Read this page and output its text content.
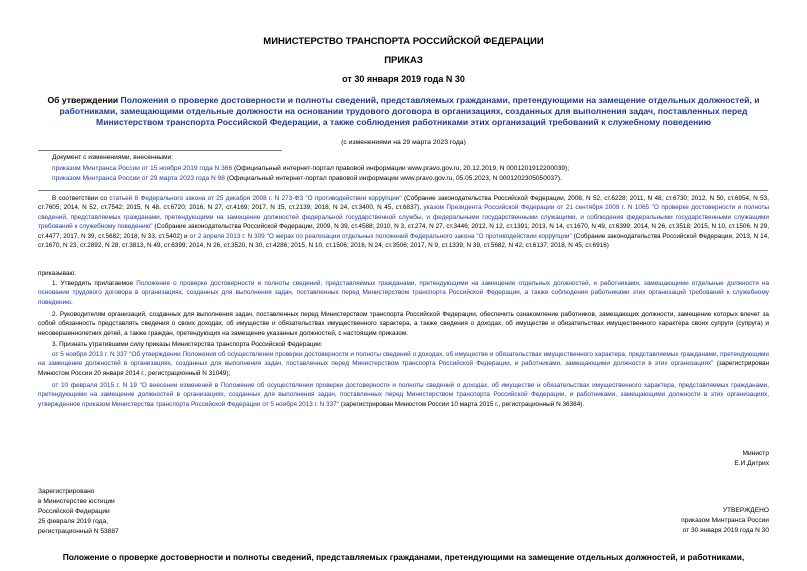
МИНИСТЕРСТВО ТРАНСПОРТА РОССИЙСКОЙ ФЕДЕРАЦИИ
ПРИКАЗ
от 30 января 2019 года N 30
Об утверждении Положения о проверке достоверности и полноты сведений, представляемых гражданами, претендующими на замещение отдельных должностей, и работниками, замещающими отдельные должности на основании трудового договора в организациях, созданных для выполнения задач, поставленных перед Министерством транспорта Российской Федерации, а также соблюдения работниками этих организаций требований к служебному поведению
(с изменениями на 29 марта 2023 года)
Документ с изменениями, внесенными:
приказом Минтранса России от 15 ноября 2019 года N 366 (Официальный интернет-портал правовой информации www.pravo.gov.ru, 20.12.2019, N 0001201912200039);
приказом Минтранса России от 29 марта 2023 года N 98 (Официальный интернет-портал правовой информации www.pravo.gov.ru, 05.05.2023, N 0001202305050037).
В соответствии со статьей 8 Федерального закона от 25 декабря 2008 г. N 273-ФЗ "О противодействии коррупции" (Собрание законодательства Российской Федерации, 2008, N 52, ст.6228; 2011, N 48, ст.6730; 2012, N 50, ст.6954, N 53, ст.7605; 2014, N 52, ст.7542; 2015, N 48, ст.6720; 2016, N 27, ст.4169; 2017, N 15, ст.2139; 2018, N 24, ст.3400, N 45, ст.6837), указом Президента Российской Федерации от 21 сентября 2009 г. N 1065 "О проверке достоверности и полноты сведений, представляемых гражданами, претендующими на замещение должностей федеральной государственной службы, и федеральными государственными служащими, и соблюдения федеральными государственными служащими требований к служебному поведению" (Собрание законодательства Российской Федерации, 2009, N 39, ст.4588; 2010, N 3, ст.274, N 27, ст.3446; 2012, N 12, ст.1391; 2013, N 14, ст.1670, N 49, ст.6399; 2014, N 26, ст.3518; 2015, N 10, ст.1506, N 29, ст.4477; 2017, N 39, ст.5682; 2018, N 33, ст.5402) и от 2 апреля 2013 г. N 309 "О мерах по реализации отдельных положений Федерального закона "О противодействии коррупции" (Собрание законодательства Российской Федерации, 2013, N 14, ст.1670, N 23, ст.2892, N 28, ст.3813, N 49, ст.6399; 2014, N 26, ст.3520, N 30, ст.4286; 2015, N 10, ст.1506; 2016, N 24, ст.3506; 2017, N 9, ст.1339, N 39, ст.5682, N 42, ст.6137; 2018, N 45, ст.6916)
приказываю:
1. Утвердить прилагаемое Положение о проверке достоверности и полноты сведений, представляемых гражданами, претендующими на замещение отдельных должностей, и работниками, замещающими отдельные должности на основании трудового договора в организациях, созданных для выполнения задач, поставленных перед Министерством транспорта Российской Федерации, а также соблюдения работниками этих организаций требований к служебному поведению.
2. Руководителям организаций, созданных для выполнения задач, поставленных перед Министерством транспорта Российской Федерации, обеспечить ознакомление работников, замещающих должности, замещение которых влечет за собой обязанность представлять сведения о своих доходах, об имуществе и обязательствах имущественного характера, а также сведения о доходах, об имуществе и обязательствах имущественного характера своих супруги (супруга) и несовершеннолетних детей, а также граждан, претендующих на замещение указанных должностей, с настоящим приказом.
3. Признать утратившими силу приказы Министерства транспорта Российской Федерации:
от 5 ноября 2013 г. N 337 "Об утверждении Положения об осуществлении проверки достоверности и полноты сведений о доходах, об имуществе и обязательствах имущественного характера, представляемых гражданами, претендующими на замещение должностей в организациях, созданных для выполнения задач, поставленных перед Министерством транспорта Российской Федерации, и работниками, замещающими должности в этих организациях" (зарегистрирован Минюстом России 20 января 2014 г., регистрационный N 31049);
от 10 февраля 2015 г. N 19 "О внесении изменений в Положение об осуществлении проверки достоверности и полноты сведений о доходах, об имуществе и обязательствах имущественного характера, представляемых гражданами, претендующими на замещение должностей в организациях, созданных для выполнения задач, поставленных перед Министерством транспорта Российской Федерации, и работниками, замещающими должности в этих организациях, утвержденное приказом Министерства транспорта Российской Федерации от 5 ноября 2013 г. N 337" (зарегистрирован Минюстом России 10 марта 2015 г., регистрационный N 36384).
Министр
Е.И.Дитрих
Зарегистрировано
в Министерстве юстиции
Российской Федерации
25 февраля 2019 года,
регистрационный N 53887
УТВЕРЖДЕНО
приказом Минтранса России
от 30 января 2019 года N 30
Положение о проверке достоверности и полноты сведений, представляемых гражданами, претендующими на замещение отдельных должностей, и работниками,
